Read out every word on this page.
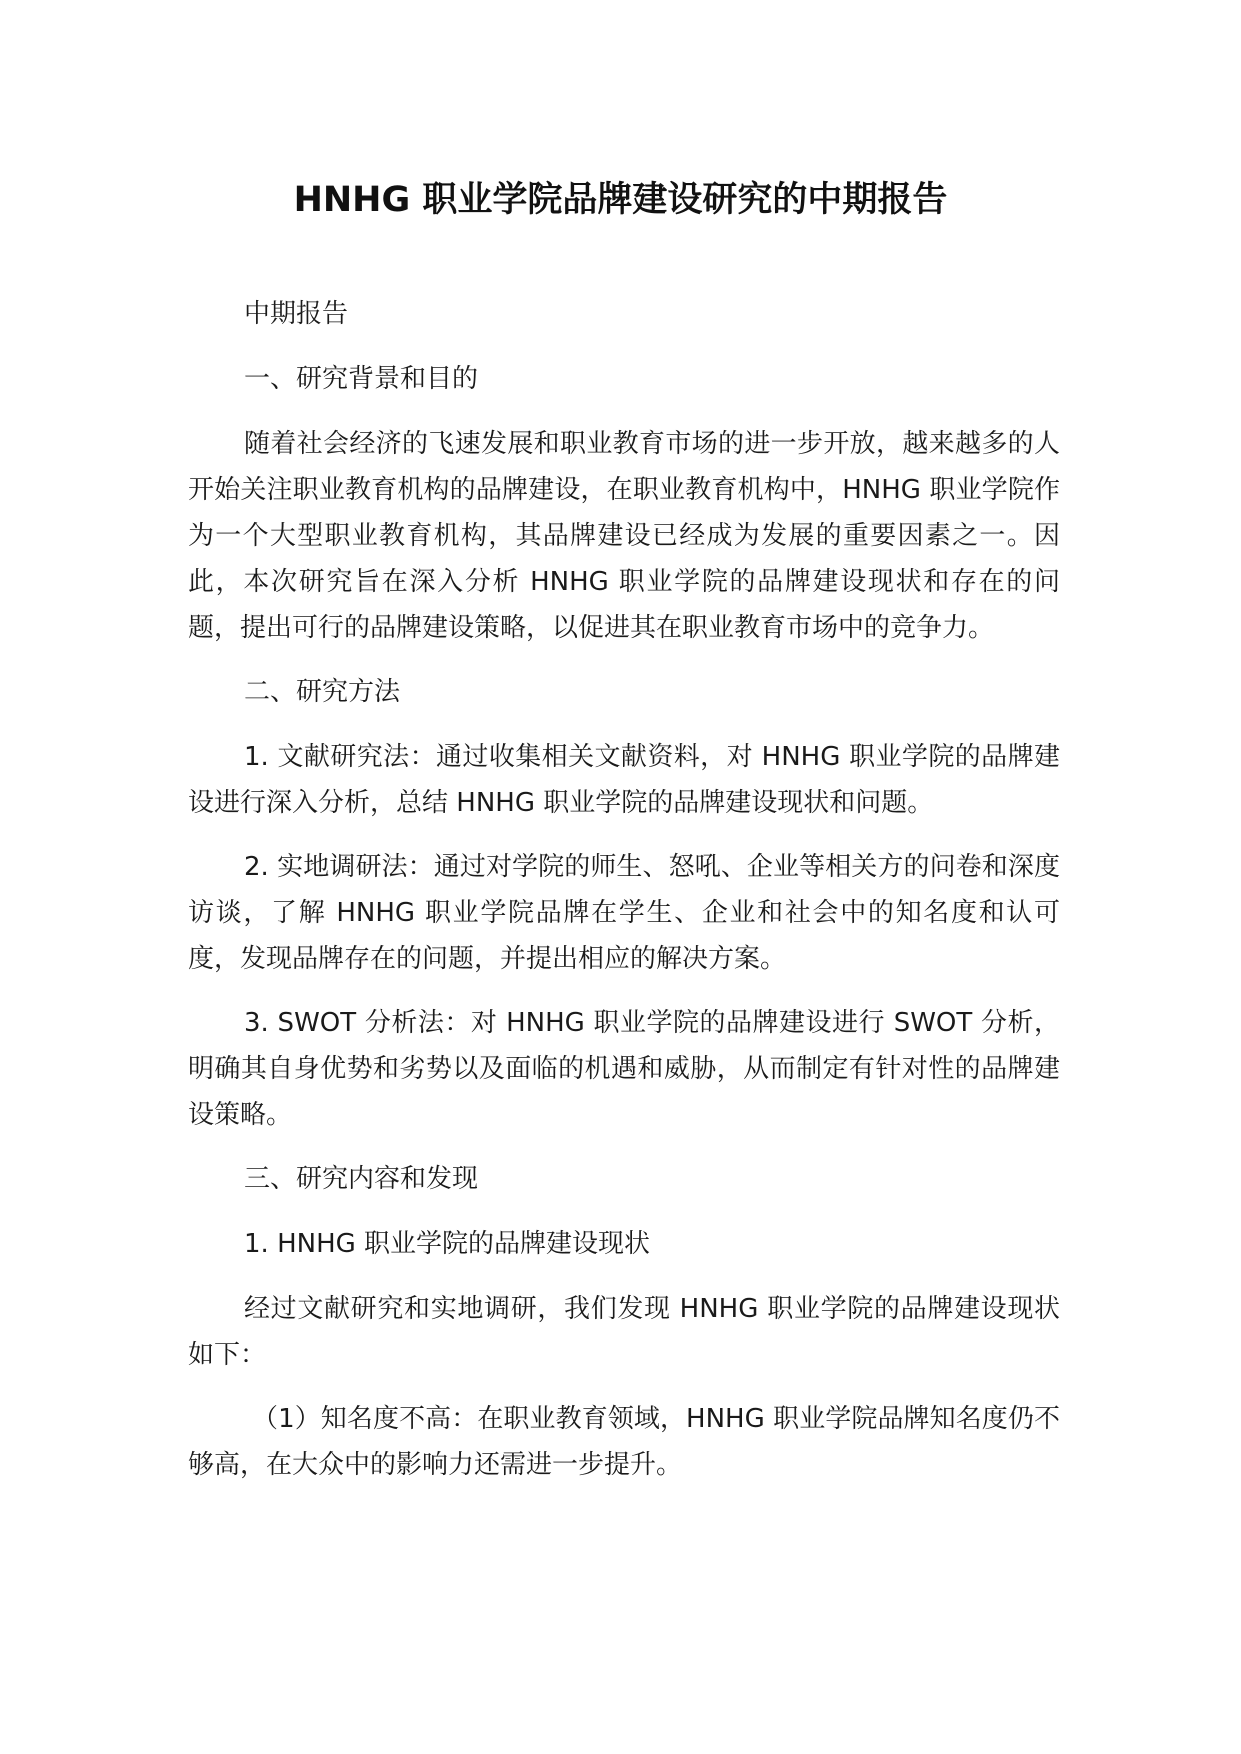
HNHG 职业学院品牌建设研究的中期报告

中期报告

一、研究背景和目的

随着社会经济的飞速发展和职业教育市场的进一步开放，越来越多的人开始关注职业教育机构的品牌建设，在职业教育机构中，HNHG 职业学院作为一个大型职业教育机构，其品牌建设已经成为发展的重要因素之一。因此，本次研究旨在深入分析 HNHG 职业学院的品牌建设现状和存在的问题，提出可行的品牌建设策略，以促进其在职业教育市场中的竞争力。

二、研究方法

1. 文献研究法：通过收集相关文献资料，对 HNHG 职业学院的品牌建设进行深入分析，总结 HNHG 职业学院的品牌建设现状和问题。

2. 实地调研法：通过对学院的师生、怒吼、企业等相关方的问卷和深度访谈，了解 HNHG 职业学院品牌在学生、企业和社会中的知名度和认可度，发现品牌存在的问题，并提出相应的解决方案。

3. SWOT 分析法：对 HNHG 职业学院的品牌建设进行 SWOT 分析，明确其自身优势和劣势以及面临的机遇和威胁，从而制定有针对性的品牌建设策略。

三、研究内容和发现

1. HNHG 职业学院的品牌建设现状

经过文献研究和实地调研，我们发现 HNHG 职业学院的品牌建设现状如下：

（1）知名度不高：在职业教育领域，HNHG 职业学院品牌知名度仍不够高，在大众中的影响力还需进一步提升。
